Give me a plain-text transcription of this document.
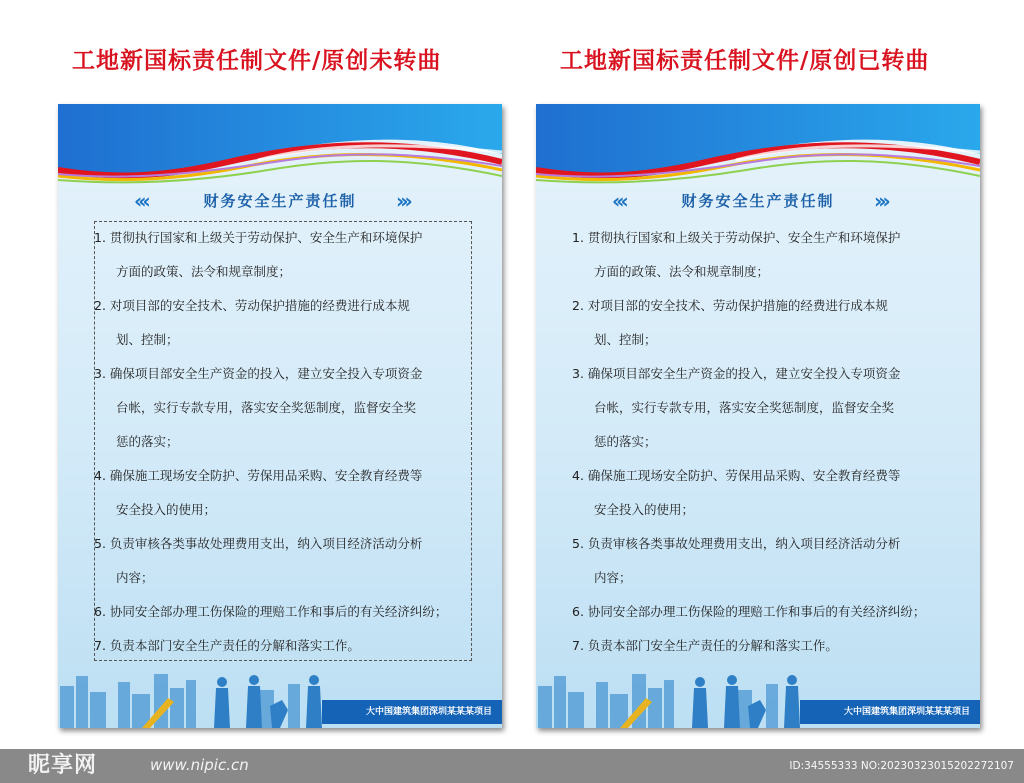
工地新国标责任制文件/原创未转曲	工地新国标责任制文件/原创已转曲
‹‹‹	财务安全生产责任制	›››
1. 贯彻执行国家和上级关于劳动保护、安全生产和环境保护
方面的政策、法令和规章制度；
2. 对项目部的安全技术、劳动保护措施的经费进行成本规
划、控制；
3. 确保项目部安全生产资金的投入，建立安全投入专项资金
台帐，实行专款专用，落实安全奖惩制度，监督安全奖
惩的落实；
4. 确保施工现场安全防护、劳保用品采购、安全教育经费等
安全投入的使用；
5. 负责审核各类事故处理费用支出，纳入项目经济活动分析
内容；
6. 协同安全部办理工伤保险的理赔工作和事后的有关经济纠纷；
7. 负责本部门安全生产责任的分解和落实工作。
大中国建筑集团深圳某某某项目
‹‹‹	财务安全生产责任制	›››
1. 贯彻执行国家和上级关于劳动保护、安全生产和环境保护
方面的政策、法令和规章制度；
2. 对项目部的安全技术、劳动保护措施的经费进行成本规
划、控制；
3. 确保项目部安全生产资金的投入，建立安全投入专项资金
台帐，实行专款专用，落实安全奖惩制度，监督安全奖
惩的落实；
4. 确保施工现场安全防护、劳保用品采购、安全教育经费等
安全投入的使用；
5. 负责审核各类事故处理费用支出，纳入项目经济活动分析
内容；
6. 协同安全部办理工伤保险的理赔工作和事后的有关经济纠纷；
7. 负责本部门安全生产责任的分解和落实工作。
大中国建筑集团深圳某某某项目
昵享网	www.nipic.cn	ID:34555333 NO:20230323015202272107
